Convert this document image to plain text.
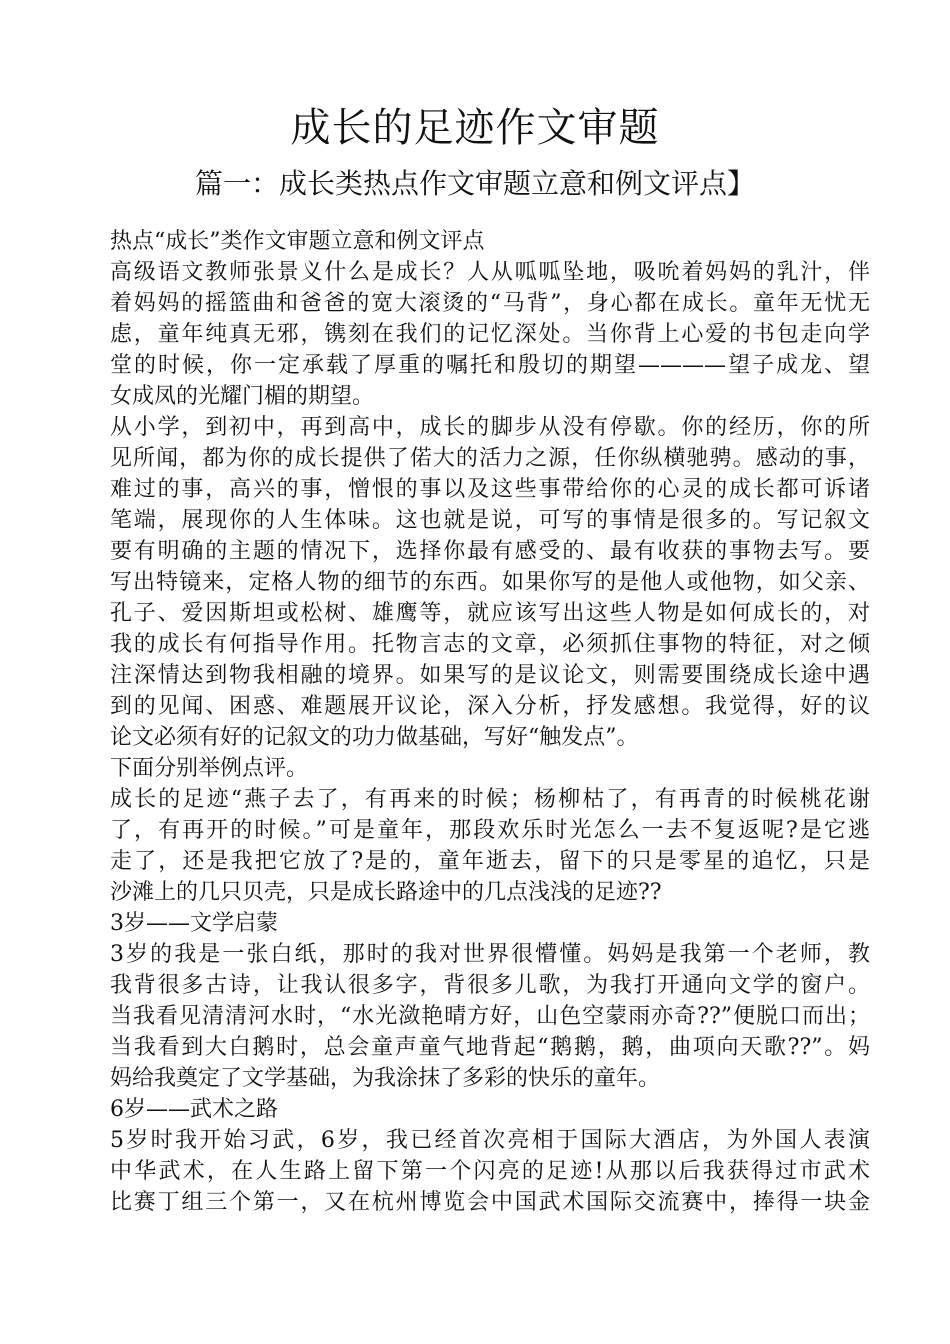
成长的足迹作文审题
篇一：成长类热点作文审题立意和例文评点】
热点“成长”类作文审题立意和例文评点
高级语文教师张景义什么是成长？人从呱呱坠地，吸吮着妈妈的乳汁，伴
着妈妈的摇篮曲和爸爸的宽大滚烫的“马背”，身心都在成长。童年无忧无
虑，童年纯真无邪，镌刻在我们的记忆深处。当你背上心爱的书包走向学
堂的时候，你一定承载了厚重的嘱托和殷切的期望————望子成龙、望
女成凤的光耀门楣的期望。
从小学，到初中，再到高中，成长的脚步从没有停歇。你的经历，你的所
见所闻，都为你的成长提供了偌大的活力之源，任你纵横驰骋。感动的事，
难过的事，高兴的事，憎恨的事以及这些事带给你的心灵的成长都可诉诸
笔端，展现你的人生体味。这也就是说，可写的事情是很多的。写记叙文
要有明确的主题的情况下，选择你最有感受的、最有收获的事物去写。要
写出特镜来，定格人物的细节的东西。如果你写的是他人或他物，如父亲、
孔子、爱因斯坦或松树、雄鹰等，就应该写出这些人物是如何成长的，对
我的成长有何指导作用。托物言志的文章，必须抓住事物的特征，对之倾
注深情达到物我相融的境界。如果写的是议论文，则需要围绕成长途中遇
到的见闻、困惑、难题展开议论，深入分析，抒发感想。我觉得，好的议
论文必须有好的记叙文的功力做基础，写好“触发点”。
下面分别举例点评。
成长的足迹“燕子去了，有再来的时候；杨柳枯了，有再青的时候桃花谢
了，有再开的时候。”可是童年，那段欢乐时光怎么一去不复返呢?是它逃
走了，还是我把它放了?是的，童年逝去，留下的只是零星的追忆，只是
沙滩上的几只贝壳，只是成长路途中的几点浅浅的足迹??
3岁——文学启蒙
3岁的我是一张白纸，那时的我对世界很懵懂。妈妈是我第一个老师，教
我背很多古诗，让我认很多字，背很多儿歌，为我打开通向文学的窗户。
当我看见清清河水时，“水光潋艳晴方好，山色空蒙雨亦奇??”便脱口而出；
当我看到大白鹅时，总会童声童气地背起“鹅鹅，鹅，曲项向天歌??”。妈
妈给我奠定了文学基础，为我涂抹了多彩的快乐的童年。
6岁——武术之路
5岁时我开始习武，6岁，我已经首次亮相于国际大酒店，为外国人表演
中华武术，在人生路上留下第一个闪亮的足迹!从那以后我获得过市武术
比赛丁组三个第一，又在杭州博览会中国武术国际交流赛中，捧得一块金
